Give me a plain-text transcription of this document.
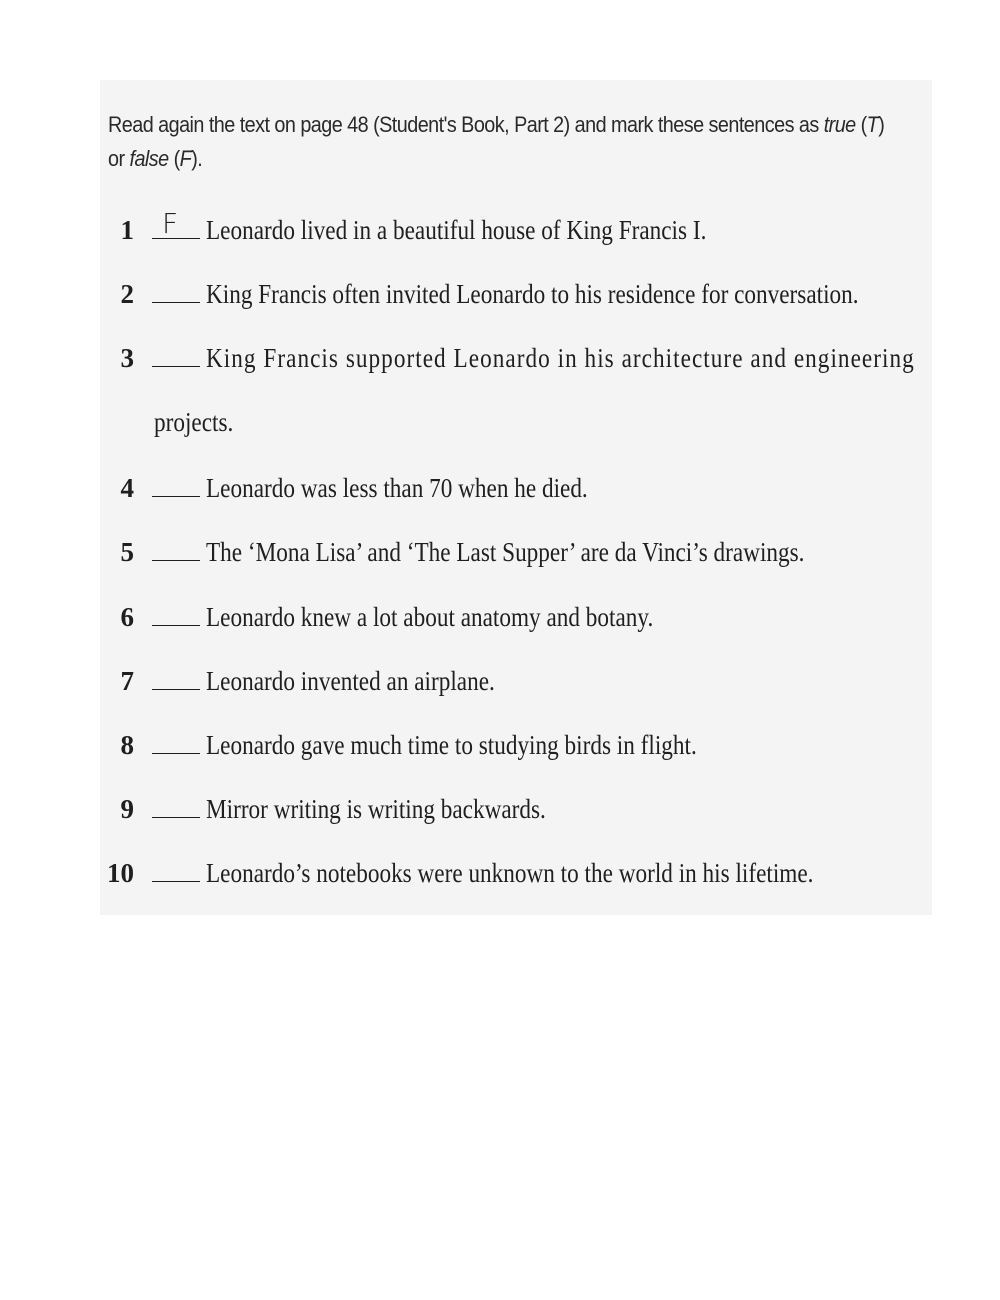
Read again the text on page 48 (Student's Book, Part 2) and mark these sentences as true (T)
or false (F).
1 F Leonardo lived in a beautiful house of King Francis I.
2	King Francis often invited Leonardo to his residence for conversation.
3	King Francis supported Leonardo in his architecture and engineering
projects.
4	Leonardo was less than 70 when he died.
5	The ‘Mona Lisa’ and ‘The Last Supper’ are da Vinci’s drawings.
6	Leonardo knew a lot about anatomy and botany.
7	Leonardo invented an airplane.
8	Leonardo gave much time to studying birds in flight.
9	Mirror writing is writing backwards.
10	Leonardo’s notebooks were unknown to the world in his lifetime.
